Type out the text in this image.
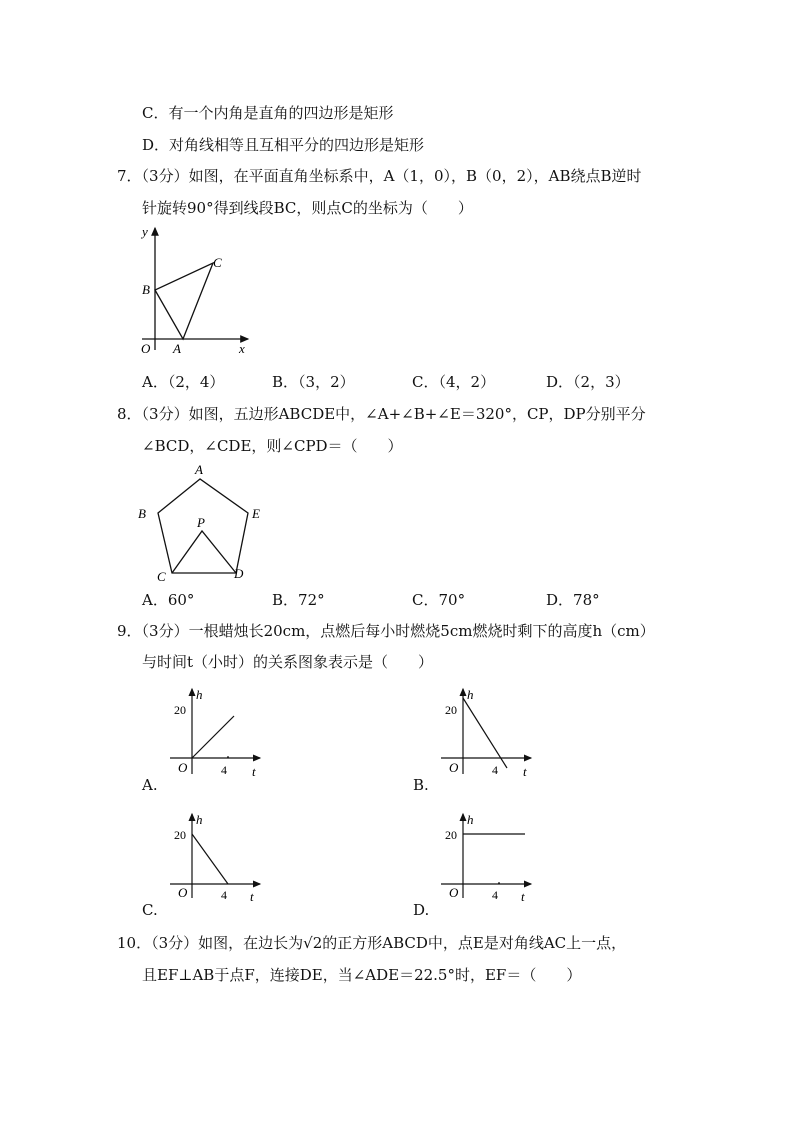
C．有一个内角是直角的四边形是矩形
D．对角线相等且互相平分的四边形是矩形
7．（3分）如图，在平面直角坐标系中，A（1，0），B（0，2），AB绕点B逆时
针旋转90°得到线段BC，则点C的坐标为（　　）
y
x
O A
B
C
A．（2，4）	B．（3，2）	C．（4，2）	D．（2，3）
8．（3分）如图，五边形ABCDE中，∠A+∠B+∠E＝320°，CP，DP分别平分
∠BCD，∠CDE，则∠CPD＝（　　）
A
B	E
P
C	D
A．60°	B．72°	C．70°	D．78°
9．（3分）一根蜡烛长20cm，点燃后每小时燃烧5cm燃烧时剩下的高度h（cm）
与时间t（小时）的关系图象表示是（　　）
h
20
O	4 t
A.
h
20
O	4 t
B.
h
20
O	4 t
C.
h
20
O	4 t
D.
10．（3分）如图，在边长为√2的正方形ABCD中，点E是对角线AC上一点，
且EF⊥AB于点F，连接DE，当∠ADE＝22.5°时，EF＝（　　）
